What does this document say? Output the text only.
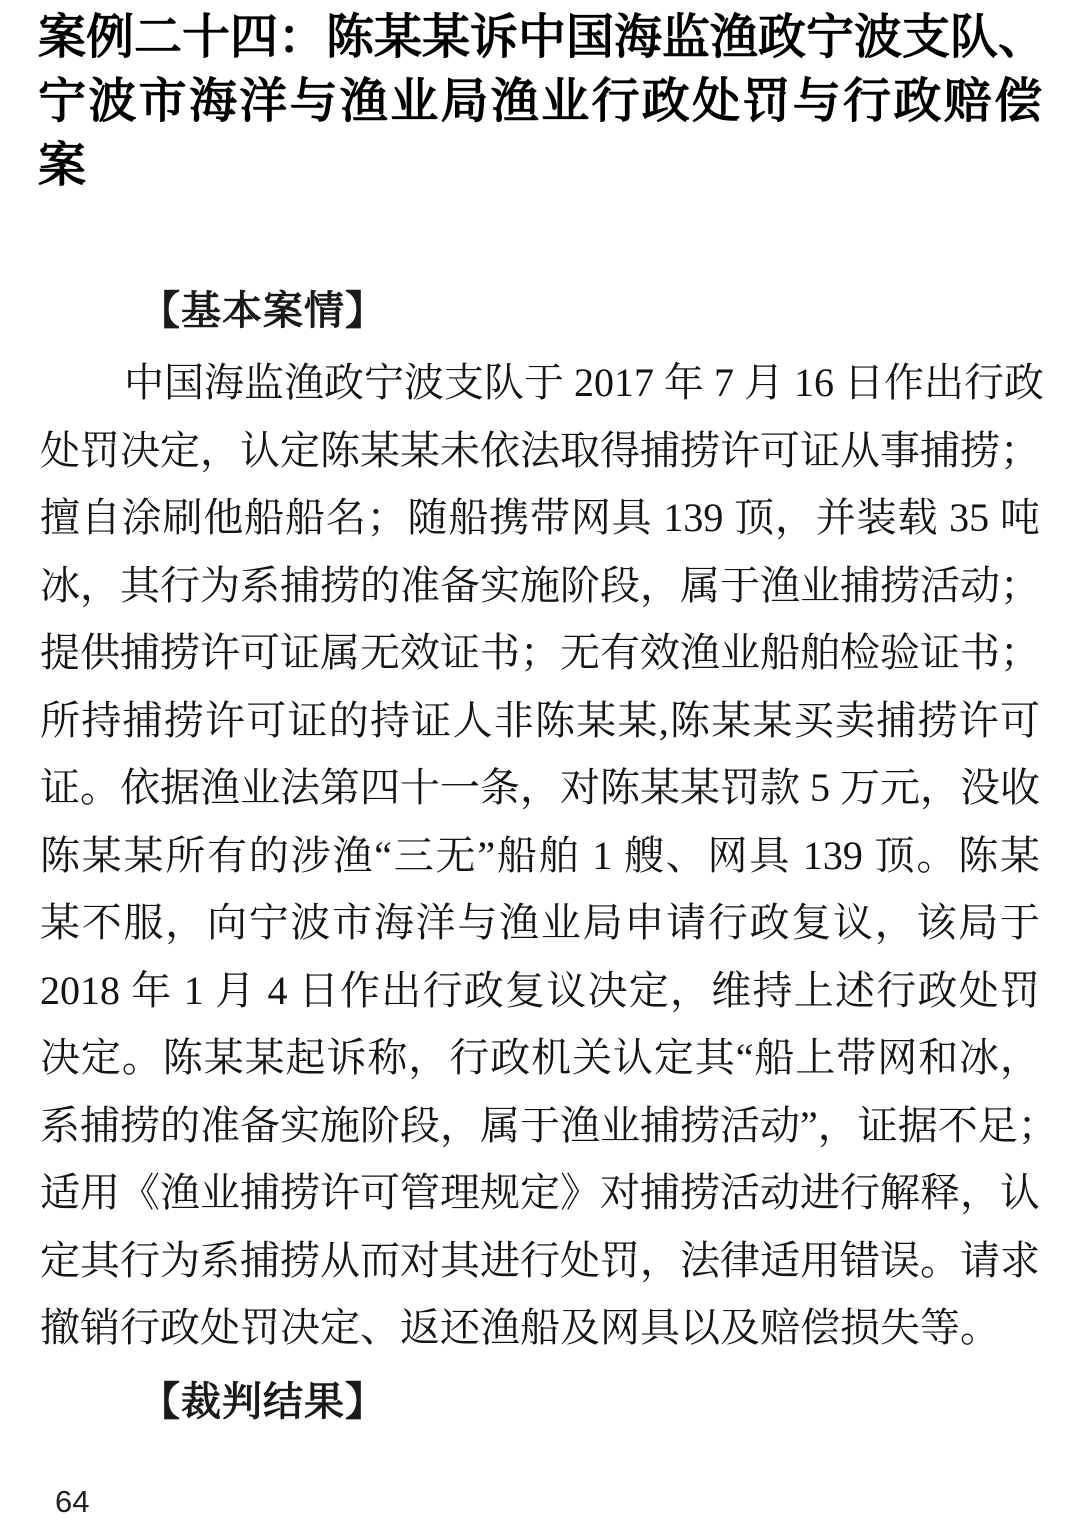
案例二十四：陈某某诉中国海监渔政宁波支队、
宁波市海洋与渔业局渔业行政处罚与行政赔偿
案
【基本案情】
中国海监渔政宁波支队于 2017 年 7 月 16 日作出行政
处罚决定，认定陈某某未依法取得捕捞许可证从事捕捞；
擅自涂刷他船船名；随船携带网具 139 顶，并装载 35 吨
冰，其行为系捕捞的准备实施阶段，属于渔业捕捞活动；
提供捕捞许可证属无效证书；无有效渔业船舶检验证书；
所持捕捞许可证的持证人非陈某某,陈某某买卖捕捞许可
证。依据渔业法第四十一条，对陈某某罚款 5 万元，没收
陈某某所有的涉渔“三无”船舶 1 艘、网具 139 顶。陈某
某不服，向宁波市海洋与渔业局申请行政复议，该局于
2018 年 1 月 4 日作出行政复议决定，维持上述行政处罚
决定。陈某某起诉称，行政机关认定其“船上带网和冰，
系捕捞的准备实施阶段，属于渔业捕捞活动”，证据不足；
适用《渔业捕捞许可管理规定》对捕捞活动进行解释，认
定其行为系捕捞从而对其进行处罚，法律适用错误。请求
撤销行政处罚决定、返还渔船及网具以及赔偿损失等。
【裁判结果】
64
